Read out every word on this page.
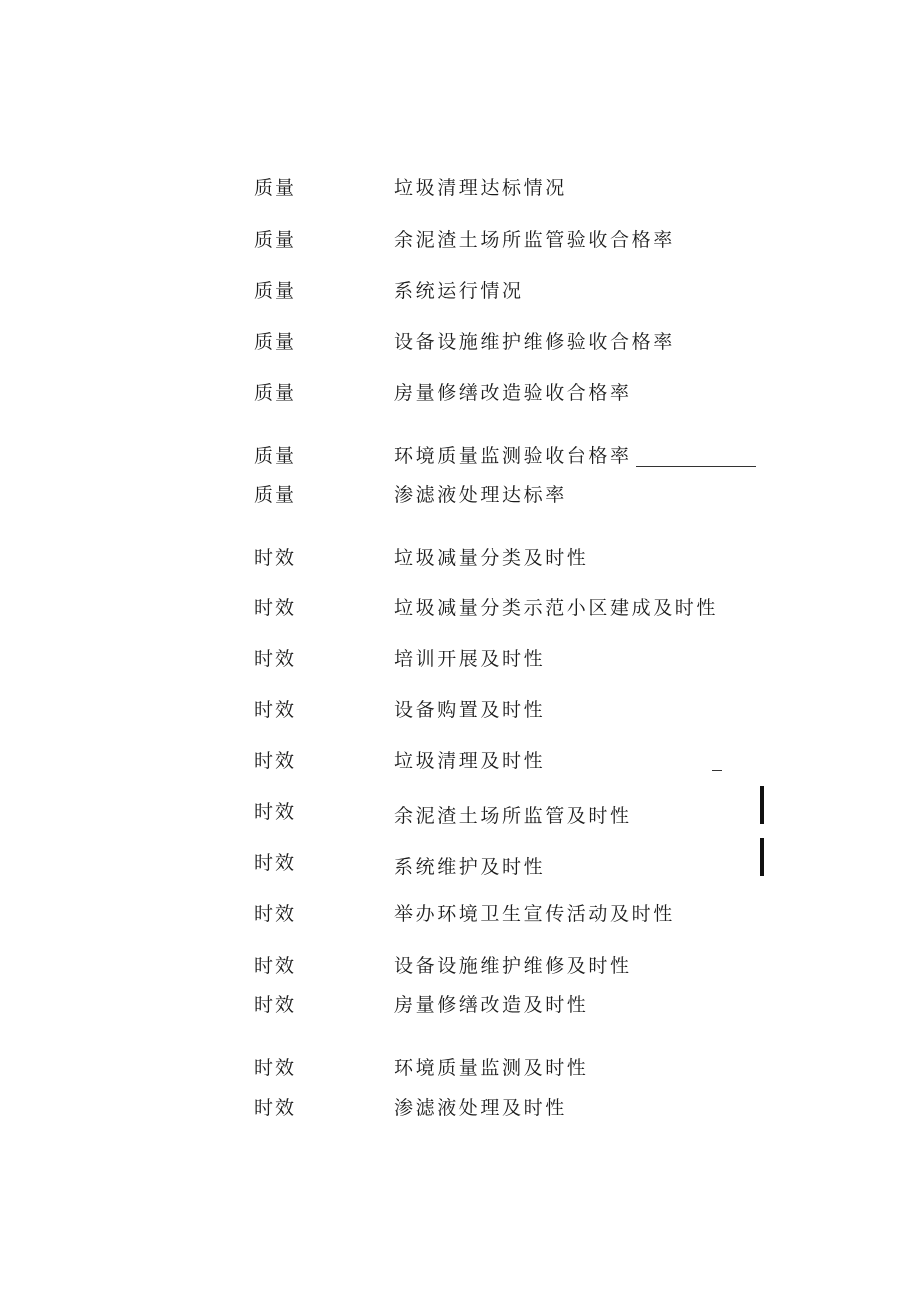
质量	垃圾清理达标情况
质量	余泥渣土场所监管验收合格率
质量	系统运行情况
质量	设备设施维护维修验收合格率
质量	房量修缮改造验收合格率
质量	环境质量监测验收台格率
质量	渗滤液处理达标率
时效	垃圾减量分类及时性
时效	垃圾减量分类示范小区建成及时性
时效	培训开展及时性
时效	设备购置及时性
时效	垃圾清理及时性
时效	余泥渣土场所监管及时性
时效	系统维护及时性
时效	举办环境卫生宣传活动及时性
时效	设备设施维护维修及时性
时效	房量修缮改造及时性
时效	环境质量监测及时性
时效	渗滤液处理及时性
